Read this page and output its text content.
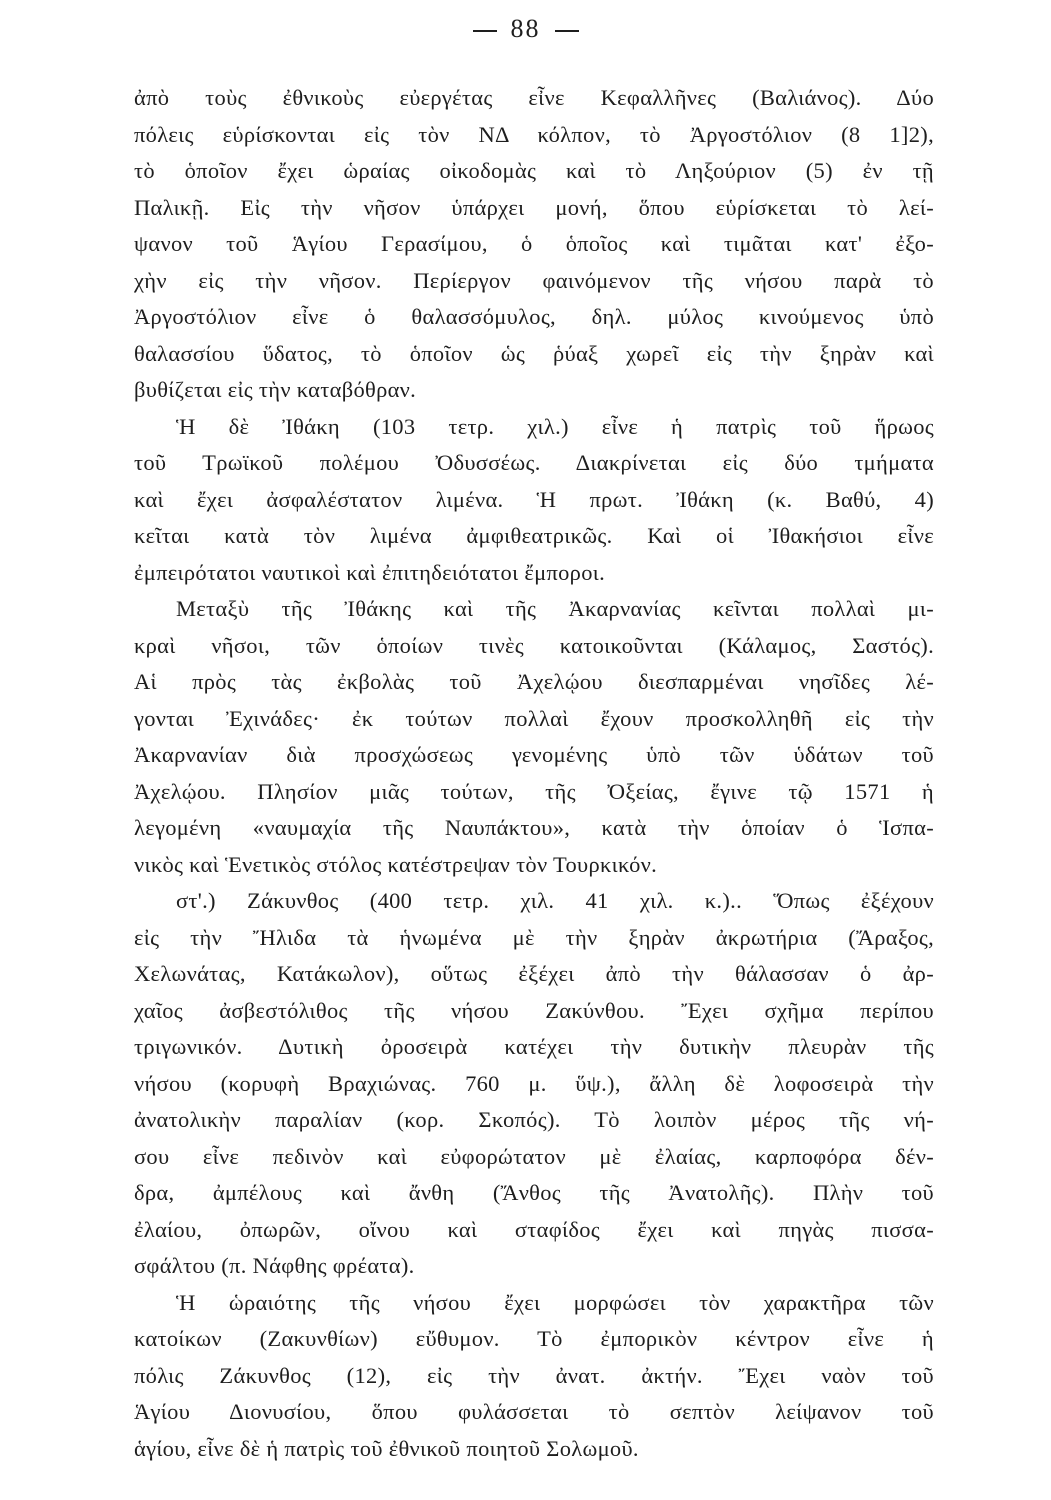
88
ἀπὸ τοὺς ἐθνικοὺς εὐεργέτας εἶνε Κεφαλλῆνες (Βαλιάνος). Δύο
πόλεις εὑρίσκονται εἰς τὸν ΝΔ κόλπον, τὸ Ἀργοστόλιον (8 1]2),
τὸ ὁποῖον ἔχει ὡραίας οἰκοδομὰς καὶ τὸ Ληξούριον (5) ἐν τῇ
Παλικῇ. Εἰς τὴν νῆσον ὑπάρχει μονή, ὅπου εὑρίσκεται τὸ λεί-
ψανον τοῦ Ἁγίου Γερασίμου, ὁ ὁποῖος καὶ τιμᾶται κατ' ἐξο-
χὴν εἰς τὴν νῆσον. Περίεργον φαινόμενον τῆς νήσου παρὰ τὸ
Ἀργοστόλιον εἶνε ὁ θαλασσόμυλος, δηλ. μύλος κινούμενος ὑπὸ
θαλασσίου ὕδατος, τὸ ὁποῖον ὡς ῥύαξ χωρεῖ εἰς τὴν ξηρὰν καὶ
βυθίζεται εἰς τὴν καταβόθραν.
Ἡ δὲ Ἰθάκη (103 τετρ. χιλ.) εἶνε ἡ πατρὶς τοῦ ἥρωος
τοῦ Τρωϊκοῦ πολέμου Ὀδυσσέως. Διακρίνεται εἰς δύο τμήματα
καὶ ἔχει ἀσφαλέστατον λιμένα. Ἡ πρωτ. Ἰθάκη (κ. Βαθύ, 4)
κεῖται κατὰ τὸν λιμένα ἀμφιθεατρικῶς. Καὶ οἱ Ἰθακήσιοι εἶνε
ἐμπειρότατοι ναυτικοὶ καὶ ἐπιτηδειότατοι ἔμποροι.
Μεταξὺ τῆς Ἰθάκης καὶ τῆς Ἀκαρνανίας κεῖνται πολλαὶ μι-
κραὶ νῆσοι, τῶν ὁποίων τινὲς κατοικοῦνται (Κάλαμος, Σαστός).
Αἱ πρὸς τὰς ἐκβολὰς τοῦ Ἀχελῴου διεσπαρμέναι νησῖδες λέ-
γονται Ἐχινάδες· ἐκ τούτων πολλαὶ ἔχουν προσκολληθῆ εἰς τὴν
Ἀκαρνανίαν διὰ προσχώσεως γενομένης ὑπὸ τῶν ὑδάτων τοῦ
Ἀχελῴου. Πλησίον μιᾶς τούτων, τῆς Ὀξείας, ἔγινε τῷ 1571 ἡ
λεγομένη «ναυμαχία τῆς Ναυπάκτου», κατὰ τὴν ὁποίαν ὁ Ἱσπα-
νικὸς καὶ Ἑνετικὸς στόλος κατέστρεψαν τὸν Τουρκικόν.
στ'.) Ζάκυνθος (400 τετρ. χιλ. 41 χιλ. κ.).. Ὅπως ἐξέχουν
εἰς τὴν Ἤλιδα τὰ ἡνωμένα μὲ τὴν ξηρὰν ἀκρωτήρια (Ἄραξος,
Χελωνάτας, Κατάκωλον), οὕτως ἐξέχει ἀπὸ τὴν θάλασσαν ὁ ἀρ-
χαῖος ἀσβεστόλιθος τῆς νήσου Ζακύνθου. Ἔχει σχῆμα περίπου
τριγωνικόν. Δυτικὴ ὀροσειρὰ κατέχει τὴν δυτικὴν πλευρὰν τῆς
νήσου (κορυφὴ Βραχιώνας. 760 μ. ὕψ.), ἄλλη δὲ λοφοσειρὰ τὴν
ἀνατολικὴν παραλίαν (κορ. Σκοπός). Τὸ λοιπὸν μέρος τῆς νή-
σου εἶνε πεδινὸν καὶ εὐφορώτατον μὲ ἐλαίας, καρποφόρα δέν-
δρα, ἀμπέλους καὶ ἄνθη (Ἄνθος τῆς Ἀνατολῆς). Πλὴν τοῦ
ἐλαίου, ὀπωρῶν, οἴνου καὶ σταφίδος ἔχει καὶ πηγὰς πισσα-
σφάλτου (π. Νάφθης φρέατα).
Ἡ ὡραιότης τῆς νήσου ἔχει μορφώσει τὸν χαρακτῆρα τῶν
κατοίκων (Ζακυνθίων) εὔθυμον. Τὸ ἐμπορικὸν κέντρον εἶνε ἡ
πόλις Ζάκυνθος (12), εἰς τὴν ἀνατ. ἀκτήν. Ἔχει ναὸν τοῦ
Ἁγίου Διονυσίου, ὅπου φυλάσσεται τὸ σεπτὸν λείψανον τοῦ
ἁγίου, εἶνε δὲ ἡ πατρὶς τοῦ ἐθνικοῦ ποιητοῦ Σολωμοῦ.
